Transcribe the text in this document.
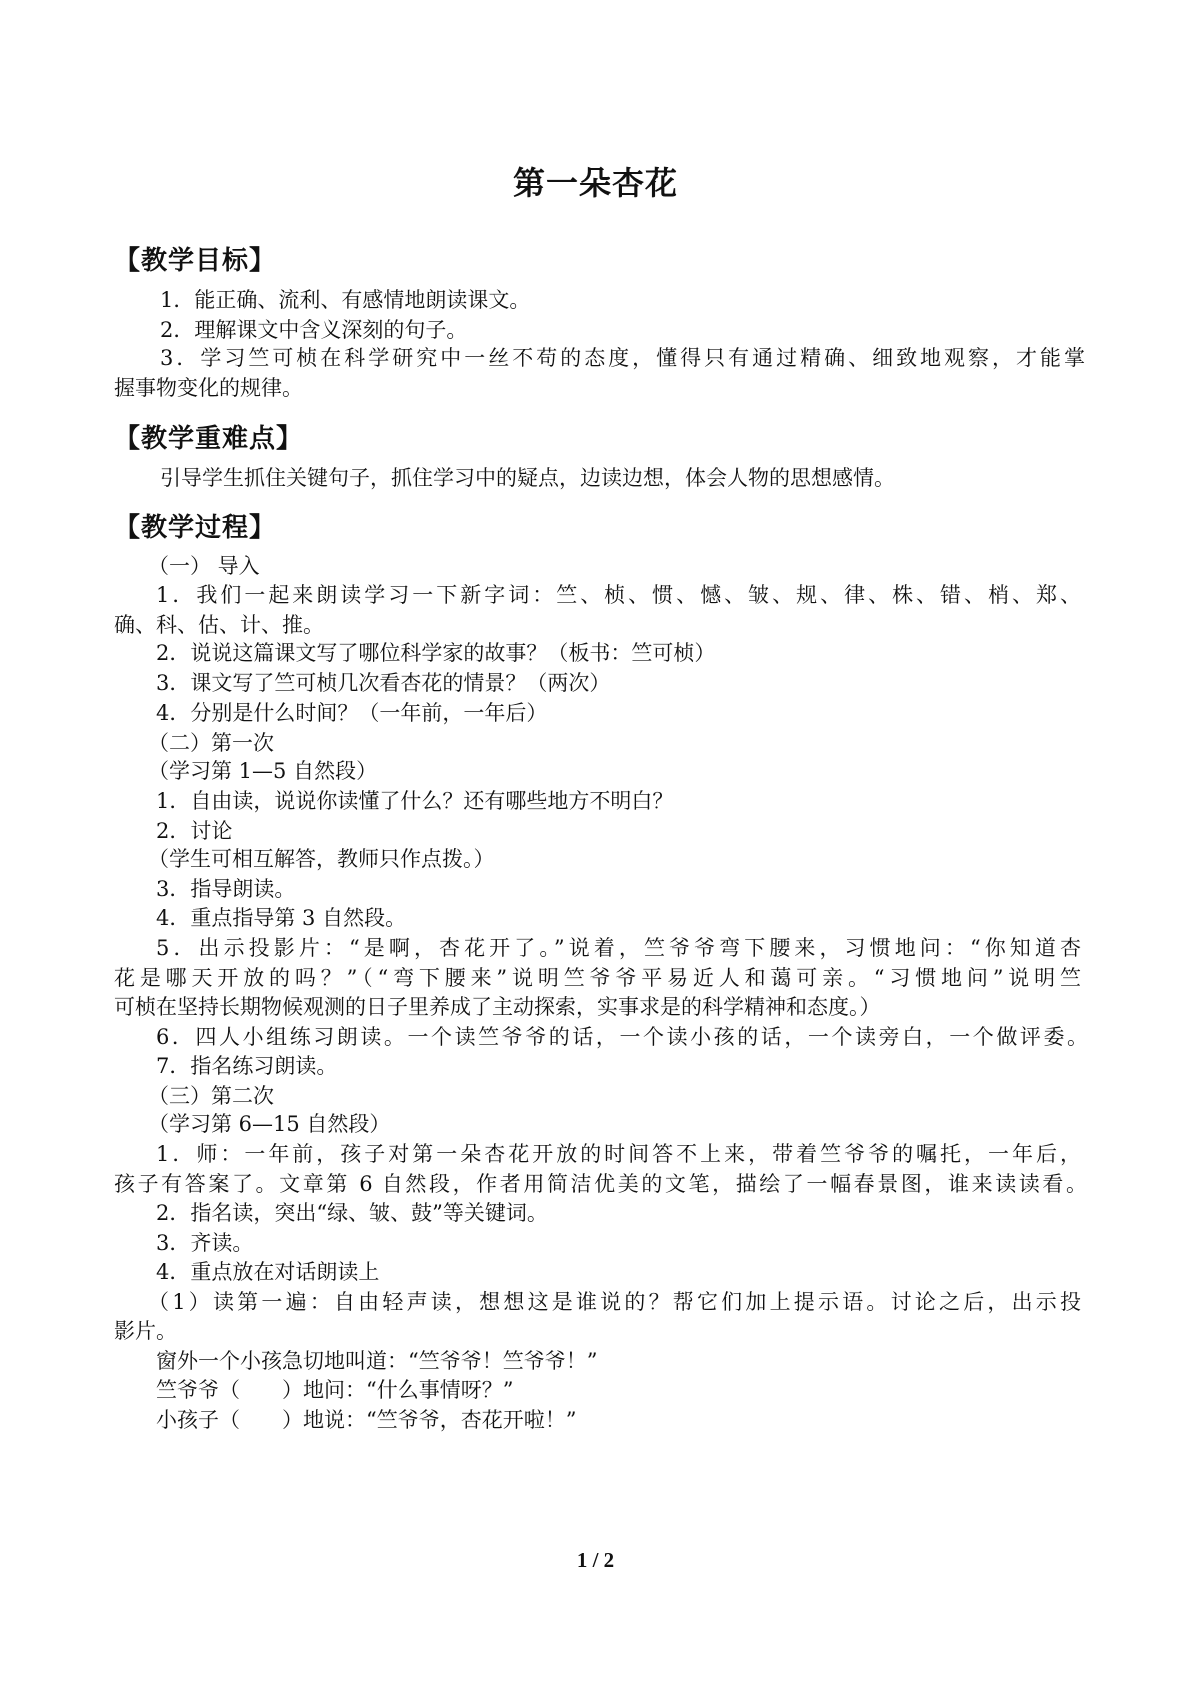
第一朵杏花
【教学目标】
1．能正确、流利、有感情地朗读课文。
2．理解课文中含义深刻的句子。
3．学习竺可桢在科学研究中一丝不苟的态度，懂得只有通过精确、细致地观察，才能掌
握事物变化的规律。
【教学重难点】
引导学生抓住关键句子，抓住学习中的疑点，边读边想，体会人物的思想感情。
【教学过程】
（一） 导入
1．我们一起来朗读学习一下新字词：竺、桢、惯、憾、皱、规、律、株、错、梢、郑、
确、科、估、计、推。
2．说说这篇课文写了哪位科学家的故事？（板书：竺可桢）
3．课文写了竺可桢几次看杏花的情景？（两次）
4．分别是什么时间？（一年前，一年后）
（二）第一次
（学习第 1—5 自然段）
1．自由读，说说你读懂了什么？还有哪些地方不明白？
2．讨论
（学生可相互解答，教师只作点拨。）
3．指导朗读。
4．重点指导第 3 自然段。
5．出示投影片：“是啊，杏花开了。”说着，竺爷爷弯下腰来，习惯地问：“你知道杏
花是哪天开放的吗？”（“弯下腰来”说明竺爷爷平易近人和蔼可亲。“习惯地问”说明竺
可桢在坚持长期物候观测的日子里养成了主动探索，实事求是的科学精神和态度。）
6．四人小组练习朗读。一个读竺爷爷的话，一个读小孩的话，一个读旁白，一个做评委。
7．指名练习朗读。
（三）第二次
（学习第 6—15 自然段）
1．师：一年前，孩子对第一朵杏花开放的时间答不上来，带着竺爷爷的嘱托，一年后，
孩子有答案了。文章第 6 自然段，作者用简洁优美的文笔，描绘了一幅春景图，谁来读读看。
2．指名读，突出“绿、皱、鼓”等关键词。
3．齐读。
4．重点放在对话朗读上
（1）读第一遍：自由轻声读，想想这是谁说的？帮它们加上提示语。讨论之后，出示投
影片。
窗外一个小孩急切地叫道：“竺爷爷！竺爷爷！”
竺爷爷（　　）地问：“什么事情呀？”
小孩子（　　）地说：“竺爷爷，杏花开啦！”
1 / 2
